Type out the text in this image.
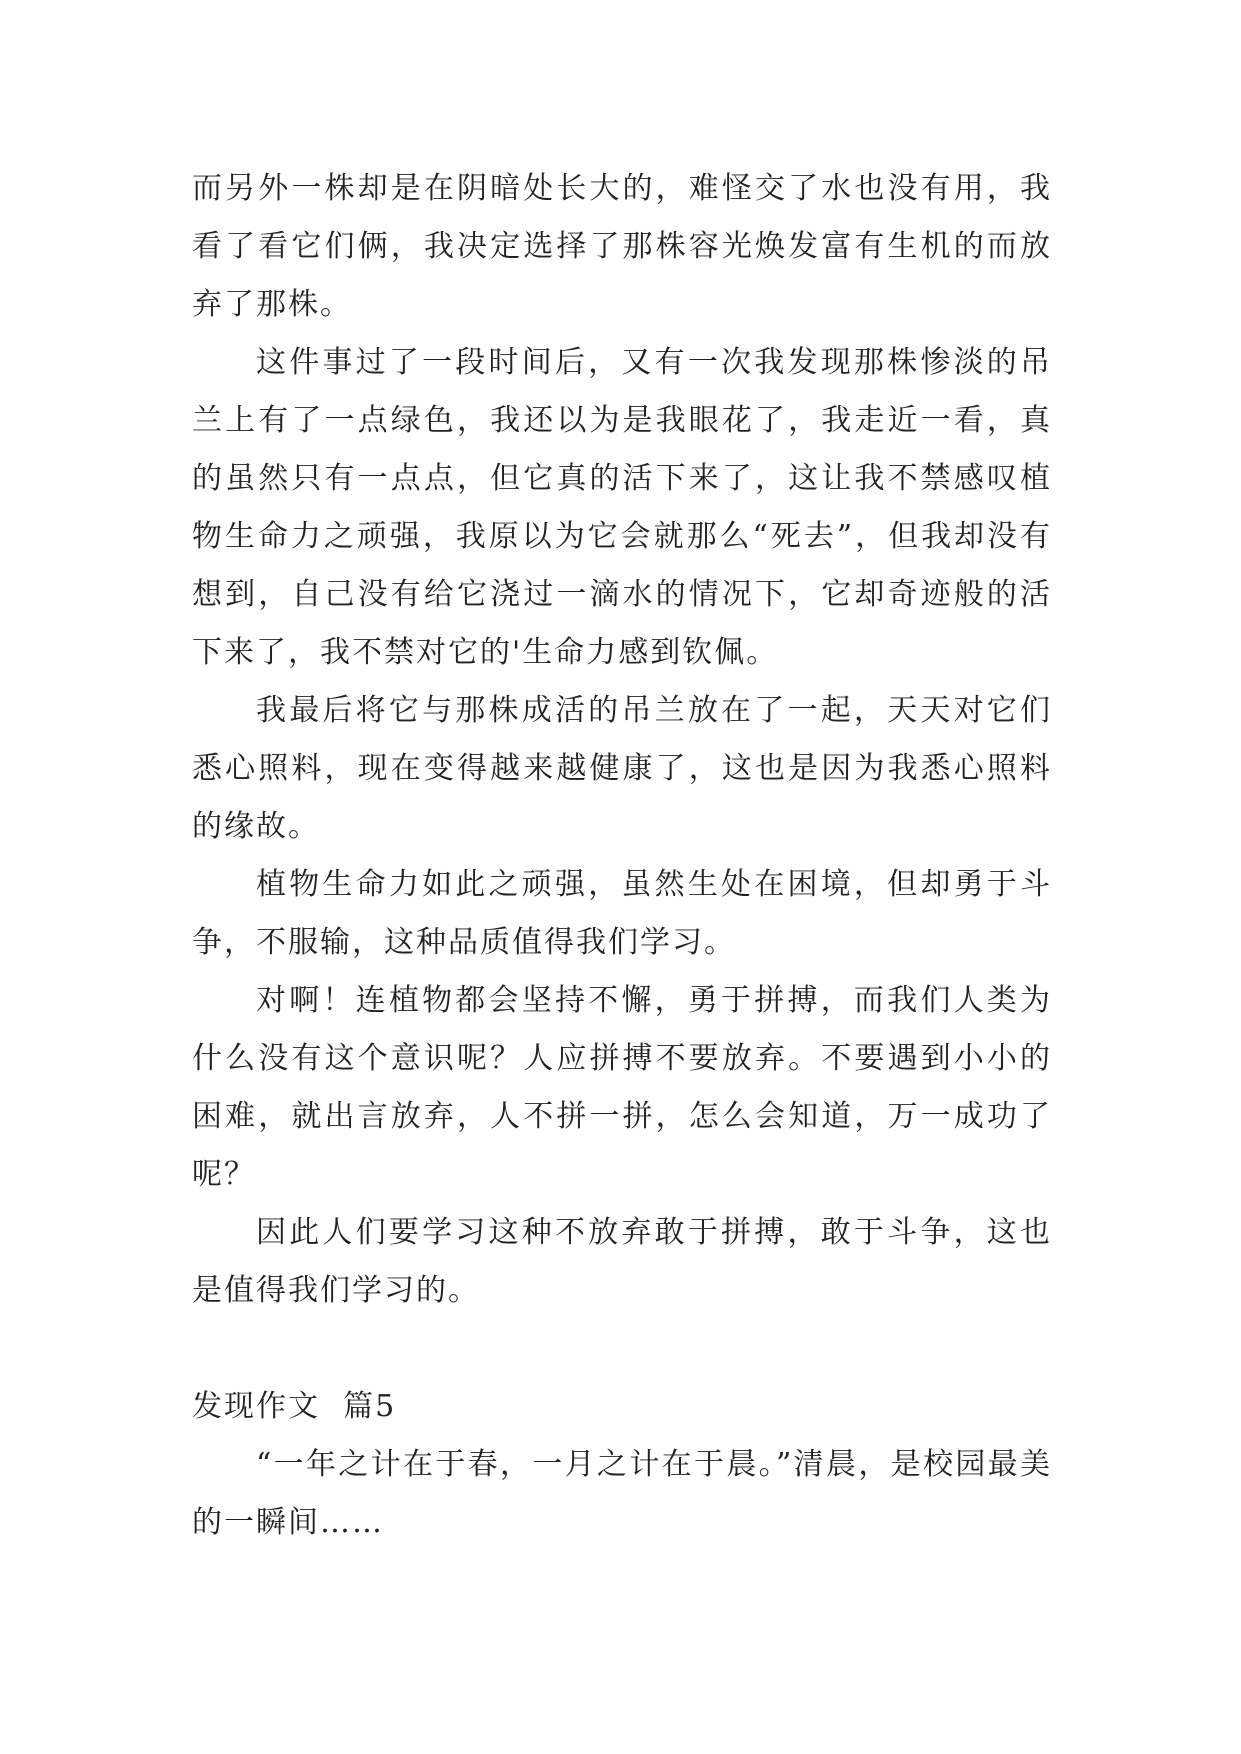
而另外一株却是在阴暗处长大的，难怪交了水也没有用，我看了看它们俩，我决定选择了那株容光焕发富有生机的而放弃了那株。

这件事过了一段时间后，又有一次我发现那株惨淡的吊兰上有了一点绿色，我还以为是我眼花了，我走近一看，真的虽然只有一点点，但它真的活下来了，这让我不禁感叹植物生命力之顽强，我原以为它会就那么“死去”，但我却没有想到，自己没有给它浇过一滴水的情况下，它却奇迹般的活下来了，我不禁对它的'生命力感到钦佩。

我最后将它与那株成活的吊兰放在了一起，天天对它们悉心照料，现在变得越来越健康了，这也是因为我悉心照料的缘故。

植物生命力如此之顽强，虽然生处在困境，但却勇于斗争，不服输，这种品质值得我们学习。

对啊！连植物都会坚持不懈，勇于拼搏，而我们人类为什么没有这个意识呢？人应拼搏不要放弃。不要遇到小小的困难，就出言放弃，人不拼一拼，怎么会知道，万一成功了呢？

因此人们要学习这种不放弃敢于拼搏，敢于斗争，这也是值得我们学习的。

发现作文  篇5

“一年之计在于春，一月之计在于晨。”清晨，是校园最美的一瞬间……
